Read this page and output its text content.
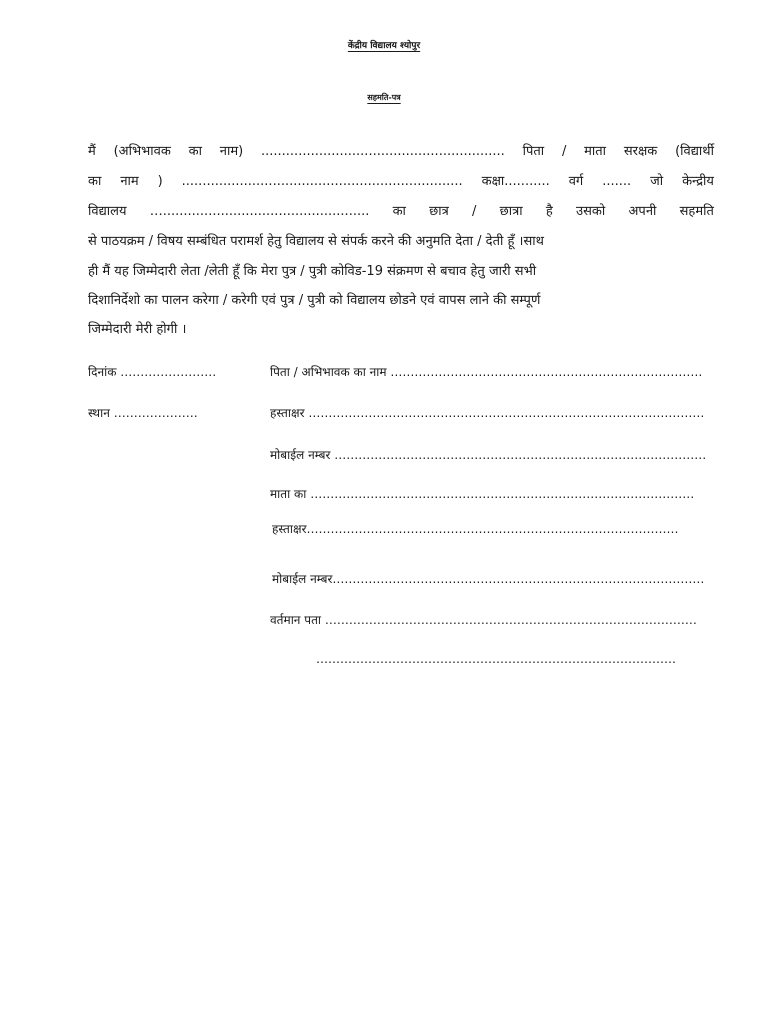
केंद्रीय विद्यालय श्योपुर
सहमति-पत्र
मैं (अभिभावक का नाम) ........................................................... पिता / माता सरक्षक (विद्यार्थी
का नाम ) .................................................................... कक्षा........... वर्ग ....... जो केन्द्रीय
विद्यालय ….................................................. का छात्र / छात्रा है उसको अपनी सहमति
से पाठयक्रम / विषय सम्बंधित परामर्श हेतु विद्यालय से संपर्क करने की अनुमति देता / देती हूँ ।साथ
ही मैं यह जिम्मेदारी लेता /लेती हूँ कि मेरा पुत्र / पुत्री कोविड-19 संक्रमण से बचाव हेतु जारी सभी
दिशानिर्देशो का पालन करेगा / करेगी एवं पुत्र / पुत्री को विद्यालय छोडने एवं वापस लाने की सम्पूर्ण
जिम्मेदारी मेरी होगी ।
दिनांक ……………………
स्थान …………………
पिता / अभिभावक का नाम ……………………………………………………………………
हस्ताक्षर ………………………………………………………………………………………
मोबाईल नम्बर …………………………………………………………………………………
माता का ……………………………………………………………………………………
हस्ताक्षर…………………………………………………………………………………
मोबाईल नम्बर…………………………………………………………………………………
वर्तमान पता …………………………………………………………………………………
………………………………………………………………………………
